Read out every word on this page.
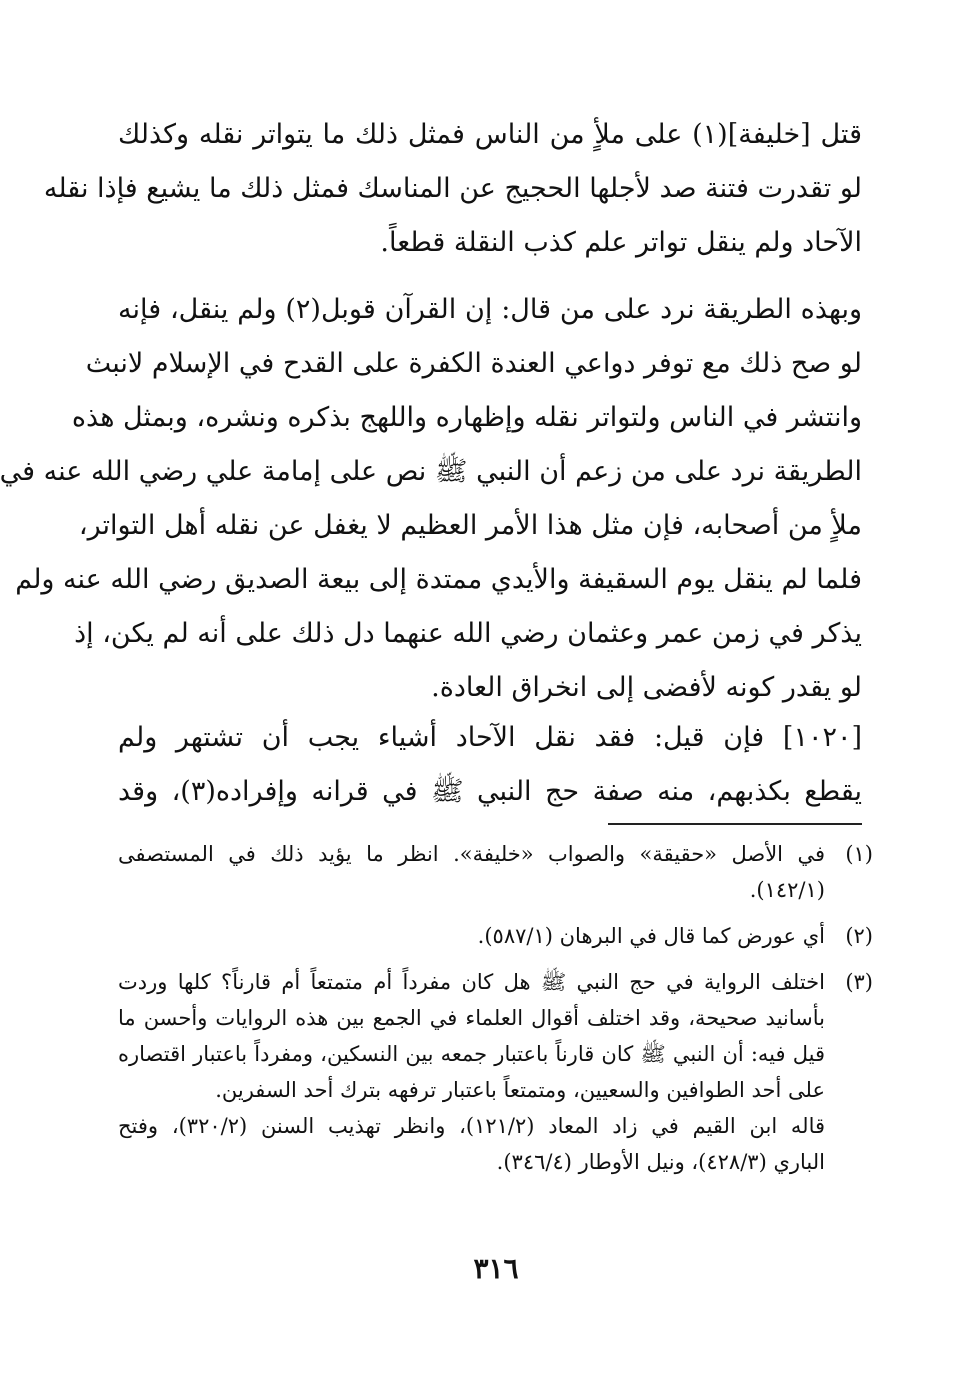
قتل [خليفة](١) على ملأٍ من الناس فمثل ذلك ما يتواتر نقله وكذلك
لو تقدرت فتنة صد لأجلها الحجيج عن المناسك فمثل ذلك ما يشيع فإذا نقله
الآحاد ولم ينقل تواتر علم كذب النقلة قطعاً.
وبهذه الطريقة نرد على من قال: إن القرآن قوبل(٢) ولم ينقل، فإنه
لو صح ذلك مع توفر دواعي العندة الكفرة على القدح في الإسلام لانبث
وانتشر في الناس ولتواتر نقله وإظهاره واللهج بذكره ونشره، وبمثل هذه
الطريقة نرد على من زعم أن النبي ﷺ نص على إمامة علي رضي الله عنه في
ملأٍ من أصحابه، فإن مثل هذا الأمر العظيم لا يغفل عن نقله أهل التواتر،
فلما لم ينقل يوم السقيفة والأيدي ممتدة إلى بيعة الصديق رضي الله عنه ولم
يذكر في زمن عمر وعثمان رضي الله عنهما دل ذلك على أنه لم يكن، إذ
لو يقدر كونه لأفضى إلى انخراق العادة.
[١٠٢٠] فإن قيل: فقد نقل الآحاد أشياء يجب أن تشتهر ولم
يقطع بكذبهم، منه صفة حج النبي ﷺ في قرانه وإفراده(٣)، وقد
(١)
في الأصل «حقيقة» والصواب «خليفة». انظر ما يؤيد ذلك في المستصفى
(١٤٢/١).
(٢)
أي عورض كما قال في البرهان (٥٨٧/١).
(٣)
اختلف الرواية في حج النبي ﷺ هل كان مفرداً أم متمتعاً أم قارناً؟ كلها وردت
بأسانيد صحيحة، وقد اختلف أقوال العلماء في الجمع بين هذه الروايات وأحسن ما
قيل فيه: أن النبي ﷺ كان قارناً باعتبار جمعه بين النسكين، ومفرداً باعتبار اقتصاره
على أحد الطوافين والسعيين، ومتمتعاً باعتبار ترفهه بترك أحد السفرين.
قاله ابن القيم في زاد المعاد (١٢١/٢)، وانظر تهذيب السنن (٣٢٠/٢)، وفتح
الباري (٤٢٨/٣)، ونيل الأوطار (٣٤٦/٤).
٣١٦
